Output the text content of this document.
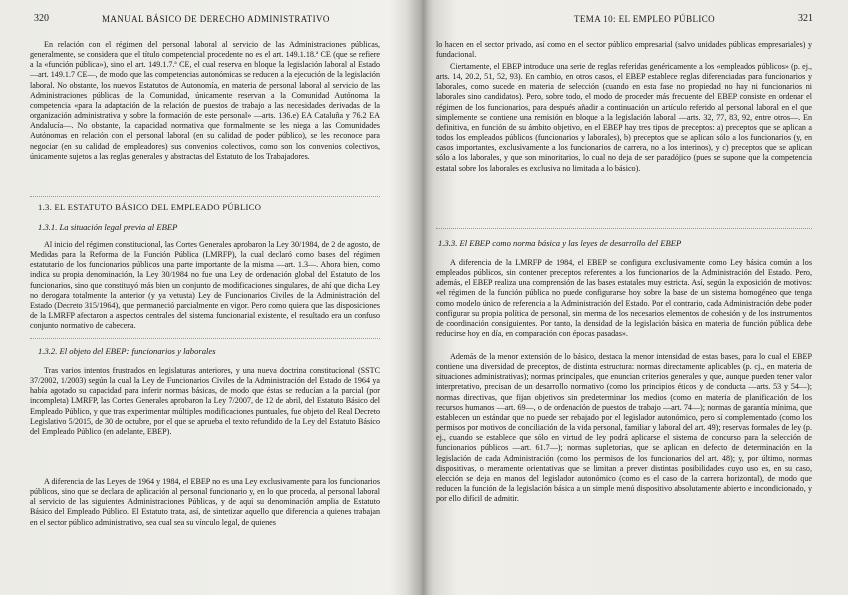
320	MANUAL BÁSICO DE DERECHO ADMINISTRATIVO

En relación con el régimen del personal laboral al servicio de las Administraciones públicas, generalmente, se considera que el título competencial procedente no es el art. 149.1.18.ª CE (que se refiere a la «función pública»), sino el art. 149.1.7.ª CE, el cual reserva en bloque la legislación laboral al Estado —art. 149.1.7 CE—, de modo que las competencias autonómicas se reducen a la ejecución de la legislación laboral. No obstante, los nuevos Estatutos de Autonomía, en materia de personal laboral al servicio de las Administraciones públicas de la Comunidad, únicamente reservan a la Comunidad Autónoma la competencia «para la adaptación de la relación de puestos de trabajo a las necesidades derivadas de la organización administrativa y sobre la formación de este personal» —arts. 136.e) EA Cataluña y 76.2 EA Andalucía—. No obstante, la capacidad normativa que formalmente se les niega a las Comunidades Autónomas en relación con el personal laboral (en su calidad de poder público), se les reconoce para negociar (en su calidad de empleadores) sus convenios colectivos, como son los convenios colectivos, únicamente sujetos a las reglas generales y abstractas del Estatuto de los Trabajadores.

1.3. EL ESTATUTO BÁSICO DEL EMPLEADO PÚBLICO
1.3.1. La situación legal previa al EBEP

Al inicio del régimen constitucional, las Cortes Generales aprobaron la Ley 30/1984, de 2 de agosto, de Medidas para la Reforma de la Función Pública (LMRFP), la cual declaró como bases del régimen estatutario de los funcionarios públicos una parte importante de la misma —art. 1.3—. Ahora bien, como indica su propia denominación, la Ley 30/1984 no fue una Ley de ordenación global del Estatuto de los funcionarios, sino que constituyó más bien un conjunto de modificaciones singulares, de ahí que dicha Ley no derogara totalmente la anterior (y ya vetusta) Ley de Funcionarios Civiles de la Administración del Estado (Decreto 315/1964), que permaneció parcialmente en vigor. Pero como quiera que las disposiciones de la LMRFP afectaron a aspectos centrales del sistema funcionarial existente, el resultado era un confuso conjunto normativo de cabecera.

1.3.2. El objeto del EBEP: funcionarios y laborales

Tras varios intentos frustrados en legislaturas anteriores, y una nueva doctrina constitucional (SSTC 37/2002, 1/2003) según la cual la Ley de Funcionarios Civiles de la Administración del Estado de 1964 ya había agotado su capacidad para inferir normas básicas, de modo que éstas se reducían a la parcial (por incompleta) LMRFP, las Cortes Generales aprobaron la Ley 7/2007, de 12 de abril, del Estatuto Básico del Empleado Público, y que tras experimentar múltiples modificaciones puntuales, fue objeto del Real Decreto Legislativo 5/2015, de 30 de octubre, por el que se aprueba el texto refundido de la Ley del Estatuto Básico del Empleado Público (en adelante, EBEP).

A diferencia de las Leyes de 1964 y 1984, el EBEP no es una Ley exclusivamente para los funcionarios públicos, sino que se declara de aplicación al personal funcionario y, en lo que proceda, al personal laboral al servicio de las siguientes Administraciones Públicas, y de aquí su denominación amplia de Estatuto Básico del Empleado Público. El Estatuto trata, así, de sintetizar aquello que diferencia a quienes trabajan en el sector público administrativo, sea cual sea su vínculo legal, de quienes

TEMA 10: EL EMPLEO PÚBLICO	321

lo hacen en el sector privado, así como en el sector público empresarial (salvo unidades públicas empresariales) y fundacional.

Ciertamente, el EBEP introduce una serie de reglas referidas genéricamente a los «empleados públicos» (p. ej., arts. 14, 20.2, 51, 52, 93). En cambio, en otros casos, el EBEP establece reglas diferenciadas para funcionarios y laborales, como sucede en materia de selección (cuando en esta fase no propiedad no hay ni funcionarios ni laborales sino candidatos). Pero, sobre todo, el modo de proceder más frecuente del EBEP consiste en ordenar el régimen de los funcionarios, para después añadir a continuación un artículo referido al personal laboral en el que simplemente se contiene una remisión en bloque a la legislación laboral —arts. 32, 77, 83, 92, entre otros—. En definitiva, en función de su ámbito objetivo, en el EBEP hay tres tipos de preceptos: a) preceptos que se aplican a todos los empleados públicos (funcionarios y laborales), b) preceptos que se aplican sólo a los funcionarios (y, en casos importantes, exclusivamente a los funcionarios de carrera, no a los interinos), y c) preceptos que se aplican sólo a los laborales, y que son minoritarios, lo cual no deja de ser paradójico (pues se supone que la competencia estatal sobre los laborales es exclusiva no limitada a lo básico).

1.3.3. El EBEP como norma básica y las leyes de desarrollo del EBEP

A diferencia de la LMRFP de 1984, el EBEP se configura exclusivamente como Ley básica común a los empleados públicos, sin contener preceptos referentes a los funcionarios de la Administración del Estado. Pero, además, el EBEP realiza una comprensión de las bases estatales muy estricta. Así, según la exposición de motivos: «el régimen de la función pública no puede configurarse hoy sobre la base de un sistema homogéneo que tenga como modelo único de referencia a la Administración del Estado. Por el contrario, cada Administración debe poder configurar su propia política de personal, sin merma de los necesarios elementos de cohesión y de los instrumentos de coordinación consiguientes. Por tanto, la densidad de la legislación básica en materia de función pública debe reducirse hoy en día, en comparación con épocas pasadas».

Además de la menor extensión de lo básico, destaca la menor intensidad de estas bases, para lo cual el EBEP contiene una diversidad de preceptos, de distinta estructura: normas directamente aplicables (p. cj., en materia de situaciones administrativas); normas principales, que enuncian criterios generales y que, aunque pueden tener valor interpretativo, precisan de un desarrollo normativo (como los principios éticos y de conducta —arts. 53 y 54—); normas directivas, que fijan objetivos sin predeterminar los medios (como en materia de planificación de los recursos humanos —art. 69—, o de ordenación de puestos de trabajo —art. 74—); normas de garantía mínima, que establecen un estándar que no puede ser rebajado por el legislador autonómico, pero sí complementado (como los permisos por motivos de conciliación de la vida personal, familiar y laboral del art. 49); reservas formales de ley (p. ej., cuando se establece que sólo en virtud de ley podrá aplicarse el sistema de concurso para la selección de funcionarios públicos —art. 61.7—); normas supletorias, que se aplican en defecto de determinación en la legislación de cada Administración (como los permisos de los funcionarios del art. 48); y, por último, normas dispositivas, o meramente orientativas que se limitan a prever distintas posibilidades cuyo uso es, en su caso, elección se deja en manos del legislador autonómico (como es el caso de la carrera horizontal), de modo que reducen la función de la legislación básica a un simple menú dispositivo absolutamente abierto e incondicionado, y por ello difícil de admitir.
